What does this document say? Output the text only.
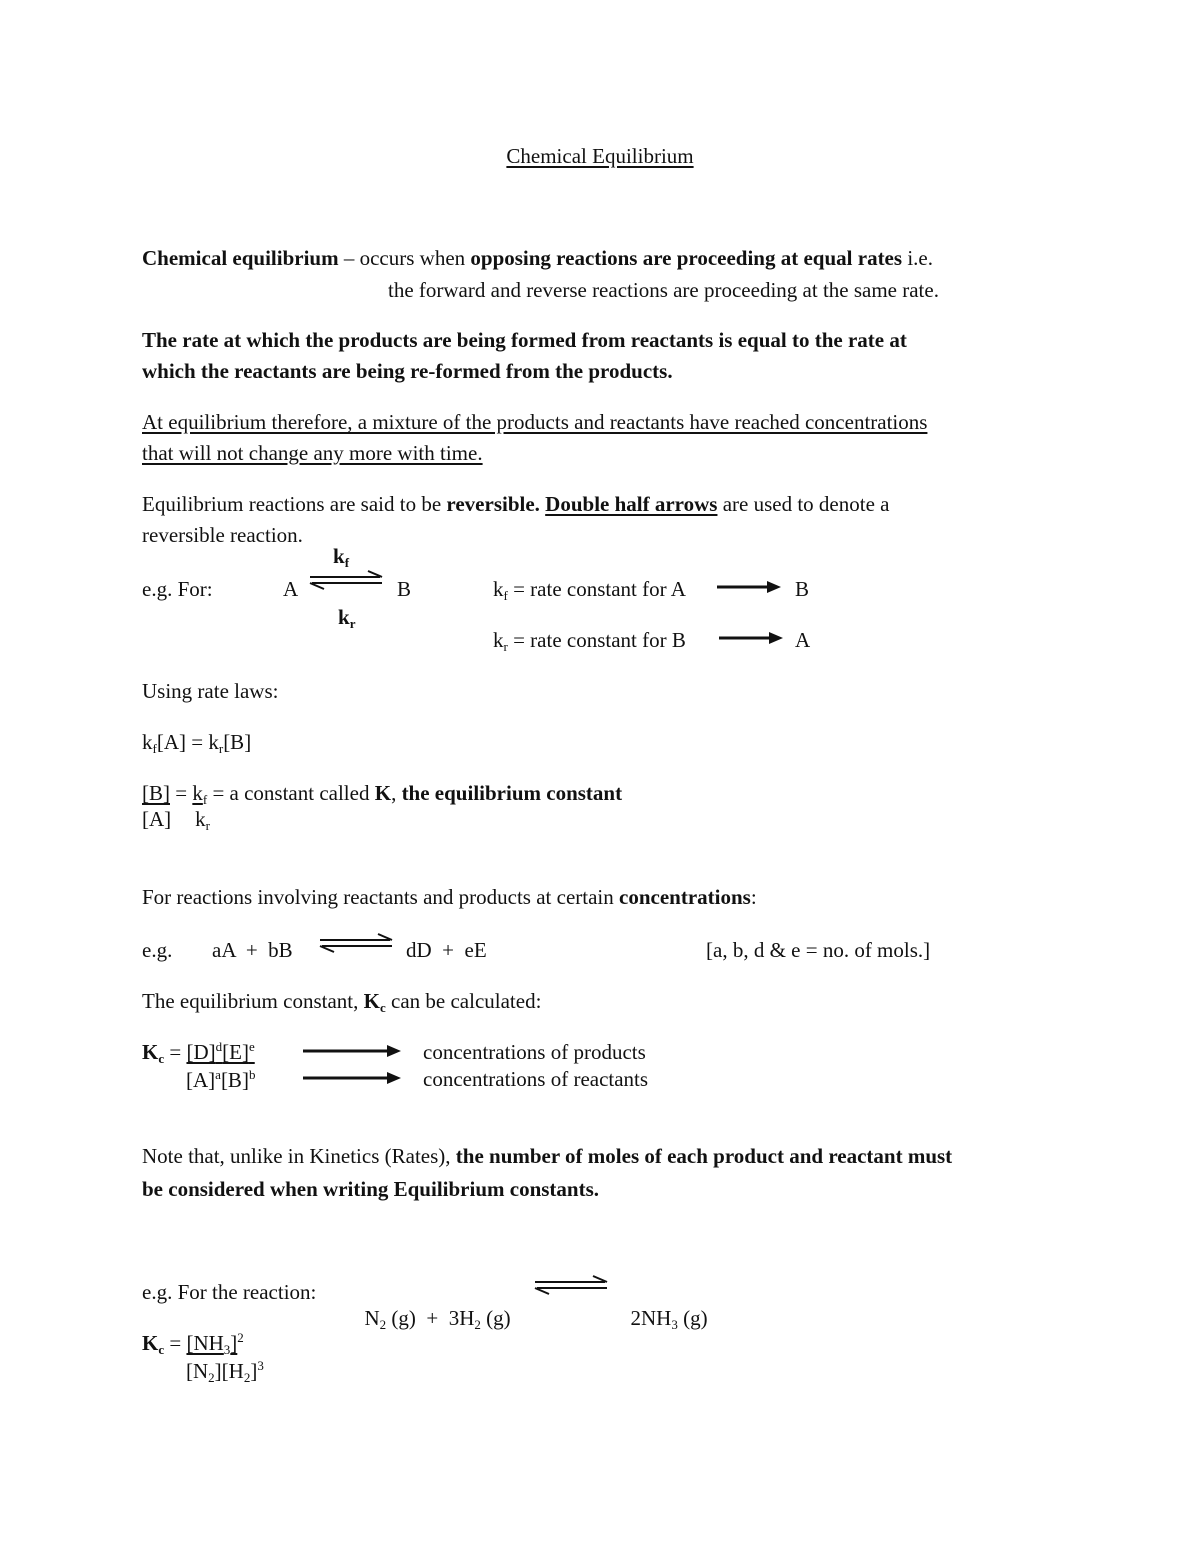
Chemical Equilibrium
Chemical equilibrium – occurs when opposing reactions are proceeding at equal rates i.e.
the forward and reverse reactions are proceeding at the same rate.
The rate at which the products are being formed from reactants is equal to the rate at
which the reactants are being re-formed from the products.
At equilibrium therefore, a mixture of the products and reactants have reached concentrations
that will not change any more with time.
Equilibrium reactions are said to be reversible. Double half arrows are used to denote a
reversible reaction.
$k_f$
e.g. For:	A ⇌ B
$k_r$
$k_f$ = rate constant for A	B
$k_r$ = rate constant for B	A
Using rate laws:
$k_f[A] = k_r[B]$
$[B] = k_f = a$ constant called K, the equilibrium constant
[A] $k_r$
For reactions involving reactants and products at certain concentrations:
e.g. aA  +  bB ⇌ dD  +  eE	[a, b, d & e = no. of mols.]
The equilibrium constant, $K_c$ can be calculated:
$K_c = [D]^d[E]^e$
$[A]^a[B]^b$
concentrations of products
concentrations of reactants
Note that, unlike in Kinetics (Rates), the number of moles of each product and reactant must
be considered when writing Equilibrium constants.
e.g. For the reaction:

$N_2$ $(g) + 3H_2$ (g)	$2NH_3$ (g)

$K_c = [NH_3]^2$
$[N_2][H_2]^3$
